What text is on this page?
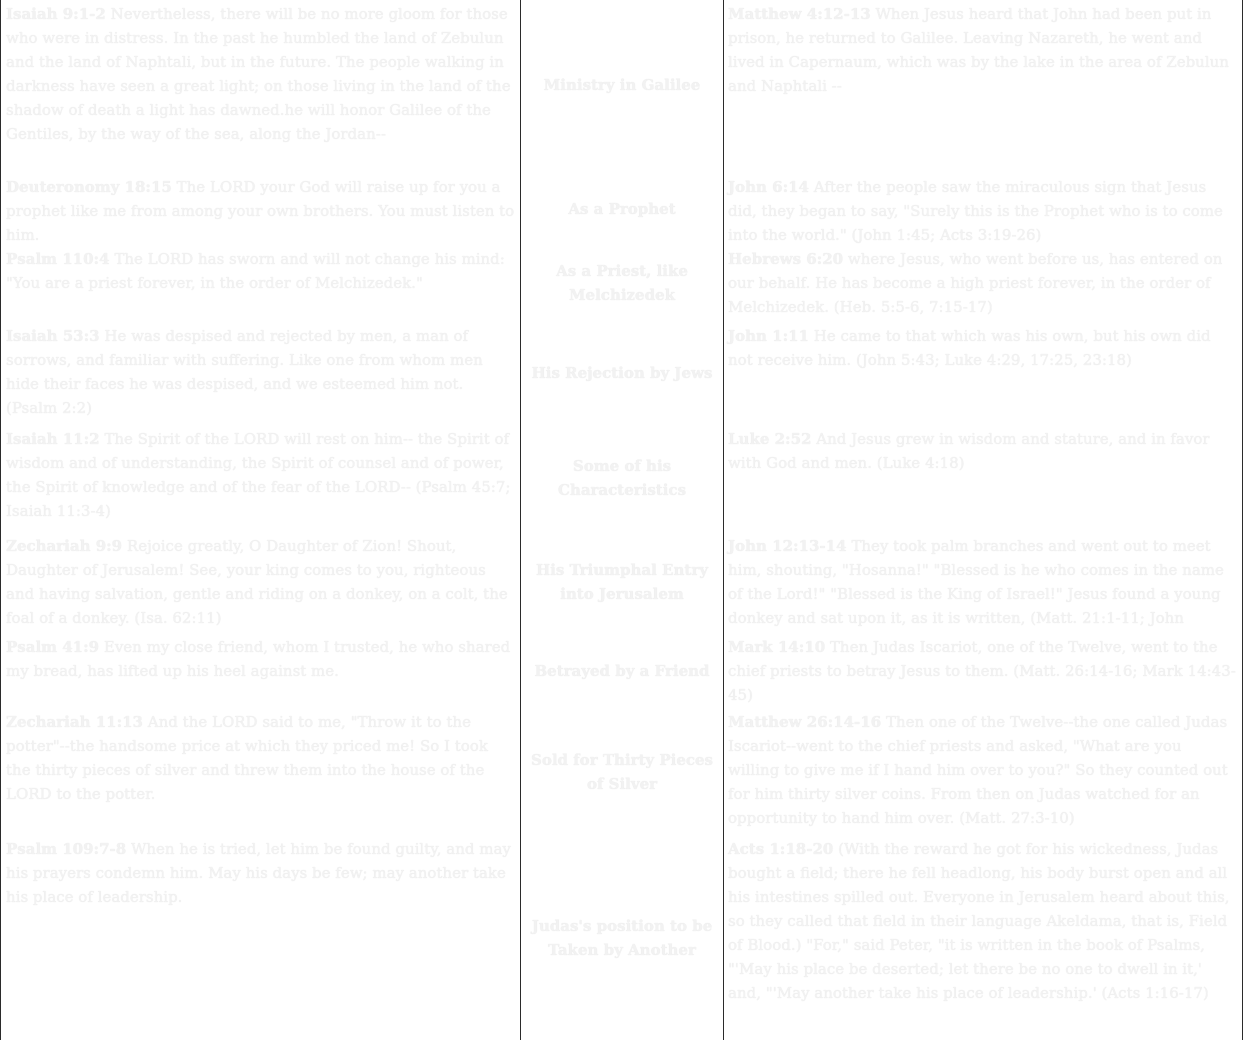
Isaiah 9:1-2 Nevertheless, there will be no more gloom for those who were in distress. In the past he humbled the land of Zebulun and the land of Naphtali, but in the future. The people walking in darkness have seen a great light; on those living in the land of the shadow of death a light has dawned.he will honor Galilee of the Gentiles, by the way of the sea, along the Jordan--
Ministry in Galilee
Matthew 4:12-13 When Jesus heard that John had been put in prison, he returned to Galilee. Leaving Nazareth, he went and lived in Capernaum, which was by the lake in the area of Zebulun and Naphtali --
Deuteronomy 18:15 The LORD your God will raise up for you a prophet like me from among your own brothers. You must listen to him.
As a Prophet
John 6:14 After the people saw the miraculous sign that Jesus did, they began to say, "Surely this is the Prophet who is to come into the world." (John 1:45; Acts 3:19-26)
Psalm 110:4 The LORD has sworn and will not change his mind: "You are a priest forever, in the order of Melchizedek."
As a Priest, like Melchizedek
Hebrews 6:20 where Jesus, who went before us, has entered on our behalf. He has become a high priest forever, in the order of Melchizedek. (Heb. 5:5-6, 7:15-17)
Isaiah 53:3 He was despised and rejected by men, a man of sorrows, and familiar with suffering. Like one from whom men hide their faces he was despised, and we esteemed him not. (Psalm 2:2)
His Rejection by Jews
John 1:11 He came to that which was his own, but his own did not receive him. (John 5:43; Luke 4:29, 17:25, 23:18)
Isaiah 11:2 The Spirit of the LORD will rest on him-- the Spirit of wisdom and of understanding, the Spirit of counsel and of power, the Spirit of knowledge and of the fear of the LORD-- (Psalm 45:7; Isaiah 11:3-4)
Some of his Characteristics
Luke 2:52 And Jesus grew in wisdom and stature, and in favor with God and men. (Luke 4:18)
Zechariah 9:9 Rejoice greatly, O Daughter of Zion! Shout, Daughter of Jerusalem! See, your king comes to you, righteous and having salvation, gentle and riding on a donkey, on a colt, the foal of a donkey. (Isa. 62:11)
His Triumphal Entry into Jerusalem
John 12:13-14 They took palm branches and went out to meet him, shouting, "Hosanna!" "Blessed is he who comes in the name of the Lord!" "Blessed is the King of Israel!" Jesus found a young donkey and sat upon it, as it is written, (Matt. 21:1-11; John
Psalm 41:9 Even my close friend, whom I trusted, he who shared my bread, has lifted up his heel against me.	Betrayed by a Friend
Mark 14:10 Then Judas Iscariot, one of the Twelve, went to the chief priests to betray Jesus to them. (Matt. 26:14-16; Mark 14:43-45)
Zechariah 11:13 And the LORD said to me, "Throw it to the potter"--the handsome price at which they priced me! So I took the thirty pieces of silver and threw them into the house of the LORD to the potter.
Sold for Thirty Pieces of Silver
Matthew 26:14-16 Then one of the Twelve--the one called Judas Iscariot--went to the chief priests and asked, "What are you willing to give me if I hand him over to you?" So they counted out for him thirty silver coins. From then on Judas watched for an opportunity to hand him over. (Matt. 27:3-10)
Psalm 109:7-8 When he is tried, let him be found guilty, and may his prayers condemn him. May his days be few; may another take his place of leadership.
Judas's position to be Taken by Another
Acts 1:18-20 (With the reward he got for his wickedness, Judas bought a field; there he fell headlong, his body burst open and all his intestines spilled out. Everyone in Jerusalem heard about this, so they called that field in their language Akeldama, that is, Field of Blood.) "For," said Peter, "it is written in the book of Psalms, "'May his place be deserted; let there be no one to dwell in it,' and, "'May another take his place of leadership.' (Acts 1:16-17)
